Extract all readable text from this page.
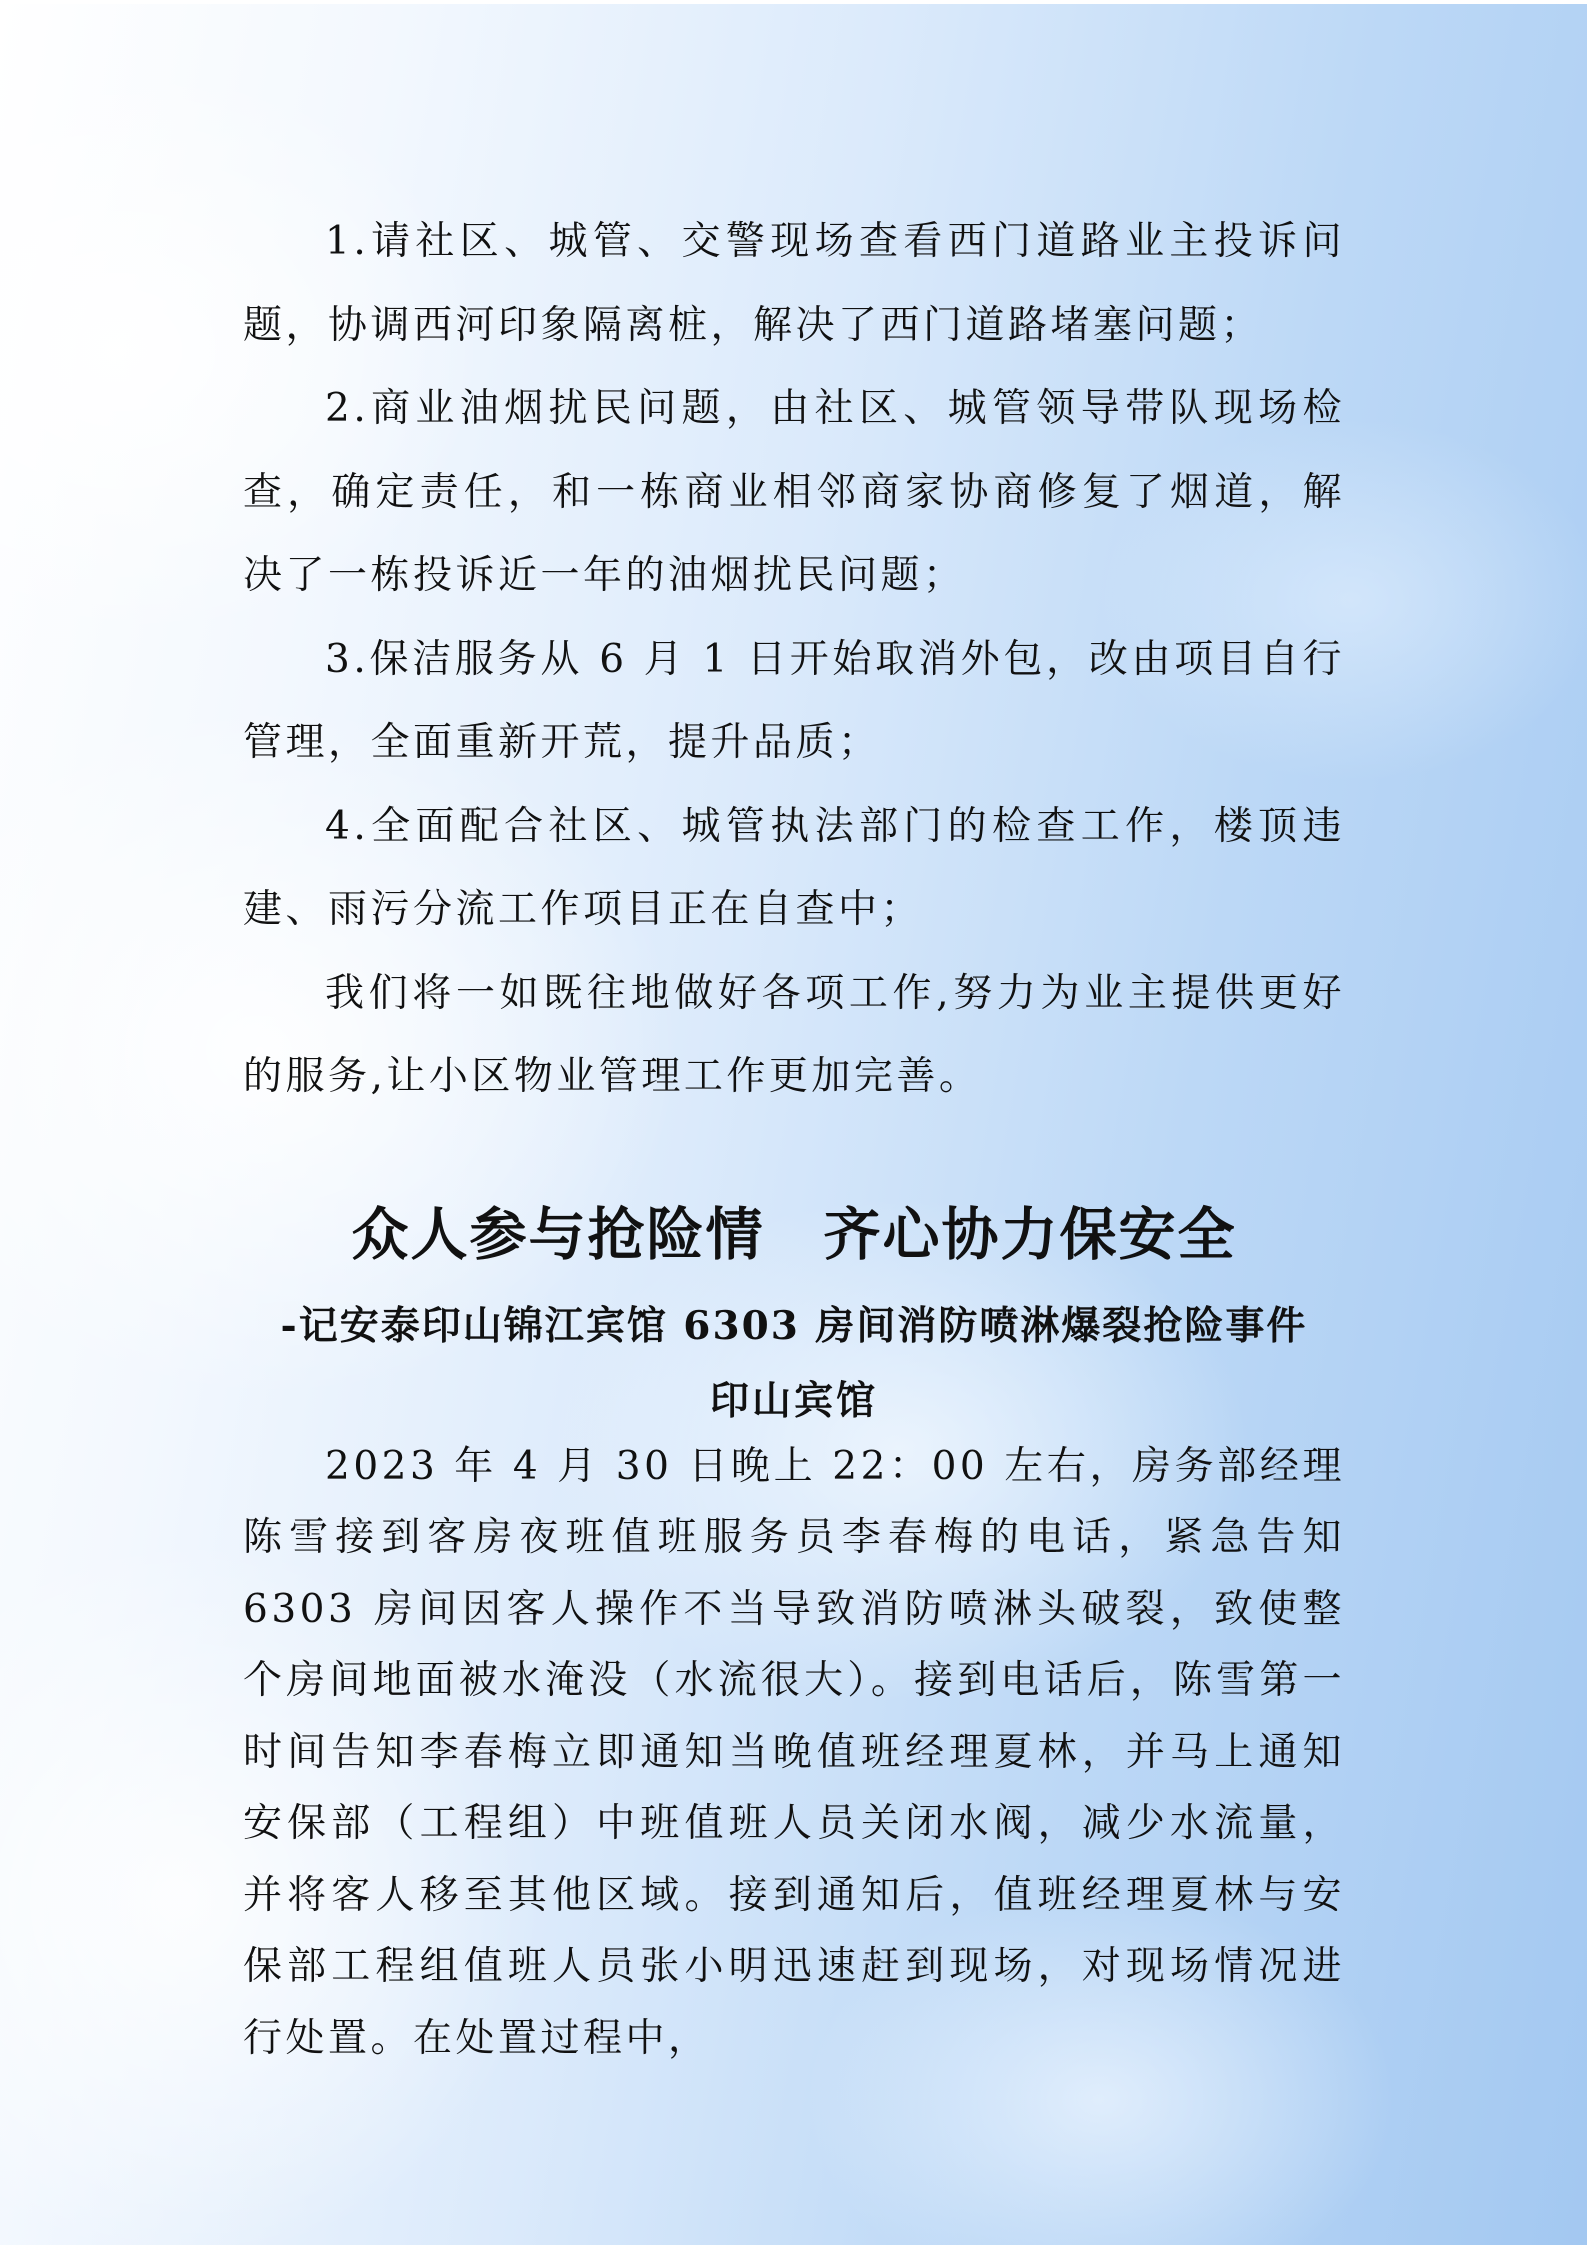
1.请社区、城管、交警现场查看西门道路业主投诉问题，协调西河印象隔离桩，解决了西门道路堵塞问题；

2.商业油烟扰民问题，由社区、城管领导带队现场检查，确定责任，和一栋商业相邻商家协商修复了烟道，解决了一栋投诉近一年的油烟扰民问题；

3.保洁服务从 6 月 1 日开始取消外包，改由项目自行管理，全面重新开荒，提升品质；

4.全面配合社区、城管执法部门的检查工作，楼顶违建、雨污分流工作项目正在自查中；

我们将一如既往地做好各项工作,努力为业主提供更好的服务,让小区物业管理工作更加完善。

众人参与抢险情　齐心协力保安全
-记安泰印山锦江宾馆 6303 房间消防喷淋爆裂抢险事件
印山宾馆

2023 年 4 月 30 日晚上 22：00 左右，房务部经理陈雪接到客房夜班值班服务员李春梅的电话，紧急告知 6303 房间因客人操作不当导致消防喷淋头破裂，致使整个房间地面被水淹没（水流很大）。接到电话后，陈雪第一时间告知李春梅立即通知当晚值班经理夏林，并马上通知安保部（工程组）中班值班人员关闭水阀，减少水流量，并将客人移至其他区域。接到通知后，值班经理夏林与安保部工程组值班人员张小明迅速赶到现场，对现场情况进行处置。在处置过程中，
